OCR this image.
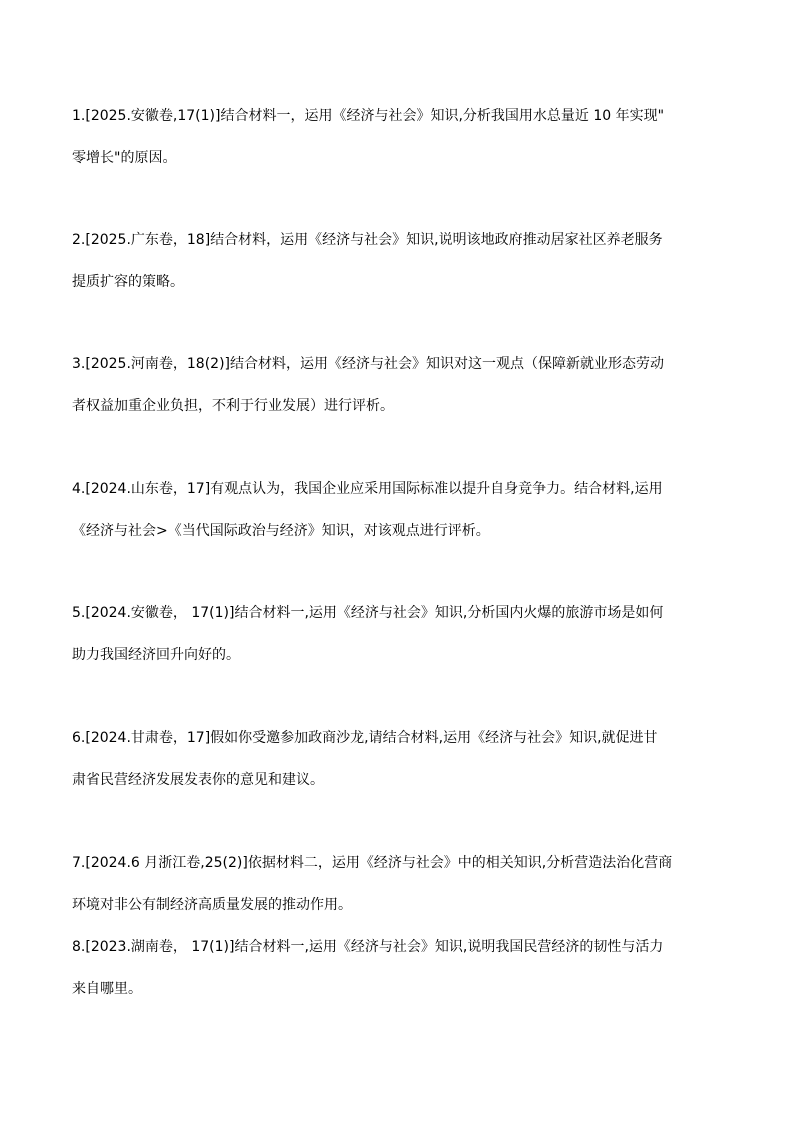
1.[2025.安徽卷,17(1)]结合材料一，运用《经济与社会》知识,分析我国用水总量近 10 年实现"
零增长"的原因。
2.[2025.广东卷，18]结合材料，运用《经济与社会》知识,说明该地政府推动居家社区养老服务
提质扩容的策略。
3.[2025.河南卷，18(2)]结合材料，运用《经济与社会》知识对这一观点（保障新就业形态劳动
者权益加重企业负担，不利于行业发展）进行评析。
4.[2024.山东卷，17]有观点认为，我国企业应采用国际标准以提升自身竞争力。结合材料,运用
《经济与社会>《当代国际政治与经济》知识，对该观点进行评析。
5.[2024.安徽卷， 17(1)]结合材料一,运用《经济与社会》知识,分析国内火爆的旅游市场是如何
助力我国经济回升向好的。
6.[2024.甘肃卷，17]假如你受邀参加政商沙龙,请结合材料,运用《经济与社会》知识,就促进甘
肃省民营经济发展发表你的意见和建议。
7.[2024.6 月浙江卷,25(2)]依据材料二，运用《经济与社会》中的相关知识,分析营造法治化营商
环境对非公有制经济高质量发展的推动作用。
8.[2023.湖南卷， 17(1)]结合材料一,运用《经济与社会》知识,说明我国民营经济的韧性与活力
来自哪里。
